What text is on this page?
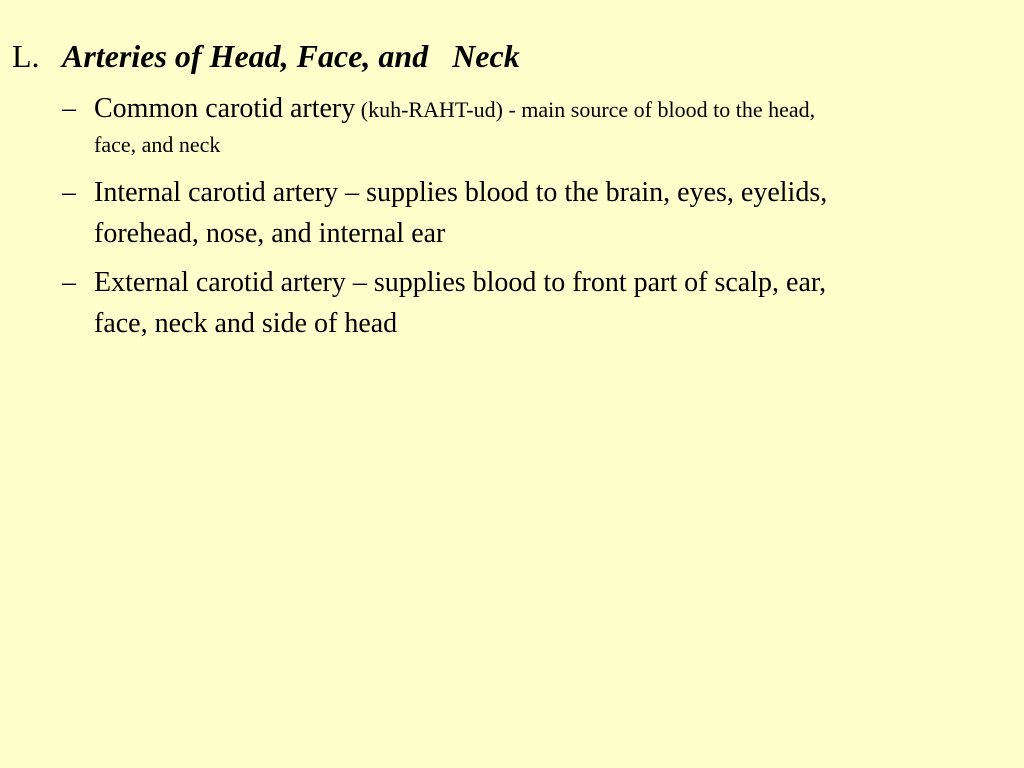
L. Arteries of Head, Face, and   Neck
– Common carotid artery (kuh-RAHT-ud) - main source of blood to the head, face, and neck
– Internal carotid artery – supplies blood to the brain, eyes, eyelids, forehead, nose, and internal ear
– External carotid artery – supplies blood to front part of scalp, ear, face, neck and side of head
